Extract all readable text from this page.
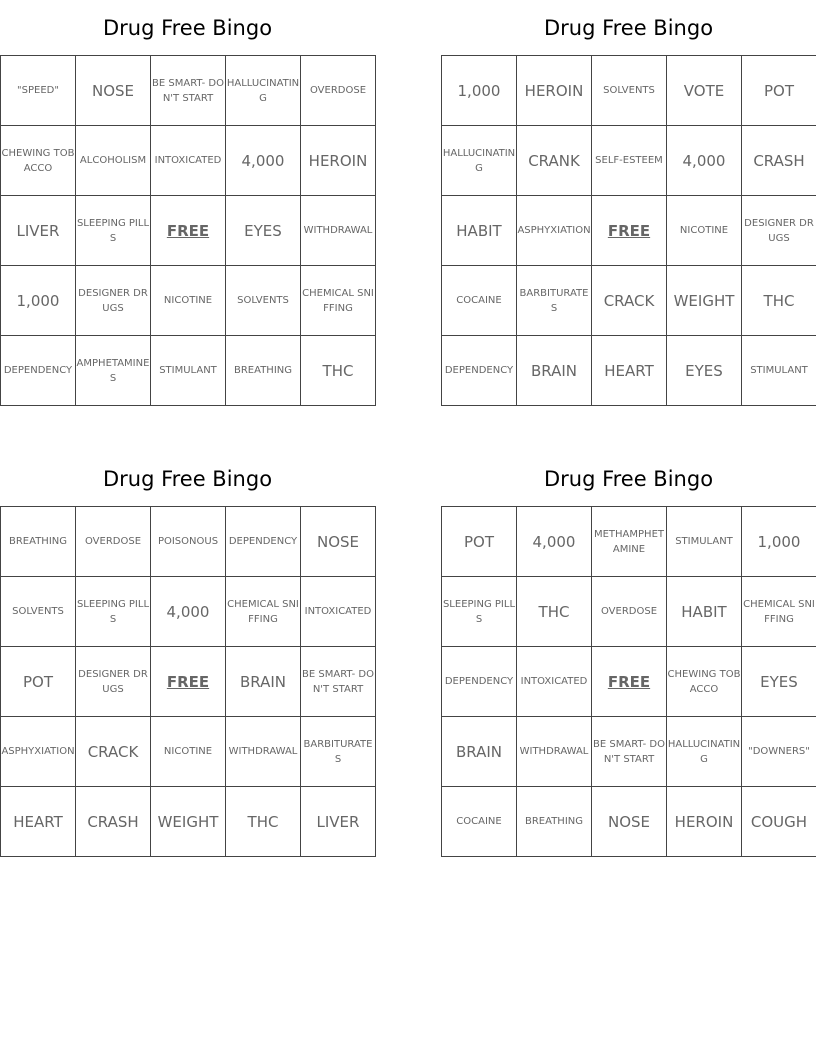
Drug Free Bingo
"SPEED"	NOSE	BE SMART- DON'T START	HALLUCINATING	OVERDOSE
CHEWING TOBACCO	ALCOHOLISM	INTOXICATED	4,000	HEROIN
LIVER	SLEEPING PILLS	FREE	EYES	WITHDRAWAL
1,000	DESIGNER DRUGS	NICOTINE	SOLVENTS	CHEMICAL SNIFFING
DEPENDENCY	AMPHETAMINES	STIMULANT	BREATHING	THC
Drug Free Bingo
1,000	HEROIN	SOLVENTS	VOTE	POT
HALLUCINATING	CRANK	SELF-ESTEEM	4,000	CRASH
HABIT	ASPHYXIATION	FREE	NICOTINE	DESIGNER DRUGS
COCAINE	BARBITURATES	CRACK	WEIGHT	THC
DEPENDENCY	BRAIN	HEART	EYES	STIMULANT
Drug Free Bingo
BREATHING	OVERDOSE	POISONOUS	DEPENDENCY	NOSE
SOLVENTS	SLEEPING PILLS	4,000	CHEMICAL SNIFFING	INTOXICATED
POT	DESIGNER DRUGS	FREE	BRAIN	BE SMART- DON'T START
ASPHYXIATION	CRACK	NICOTINE	WITHDRAWAL	BARBITURATES
HEART	CRASH	WEIGHT	THC	LIVER
Drug Free Bingo
POT	4,000	METHAMPHETAMINE	STIMULANT	1,000
SLEEPING PILLS	THC	OVERDOSE	HABIT	CHEMICAL SNIFFING
DEPENDENCY	INTOXICATED	FREE	CHEWING TOBACCO	EYES
BRAIN	WITHDRAWAL	BE SMART- DON'T START	HALLUCINATING	"DOWNERS"
COCAINE	BREATHING	NOSE	HEROIN	COUGH
